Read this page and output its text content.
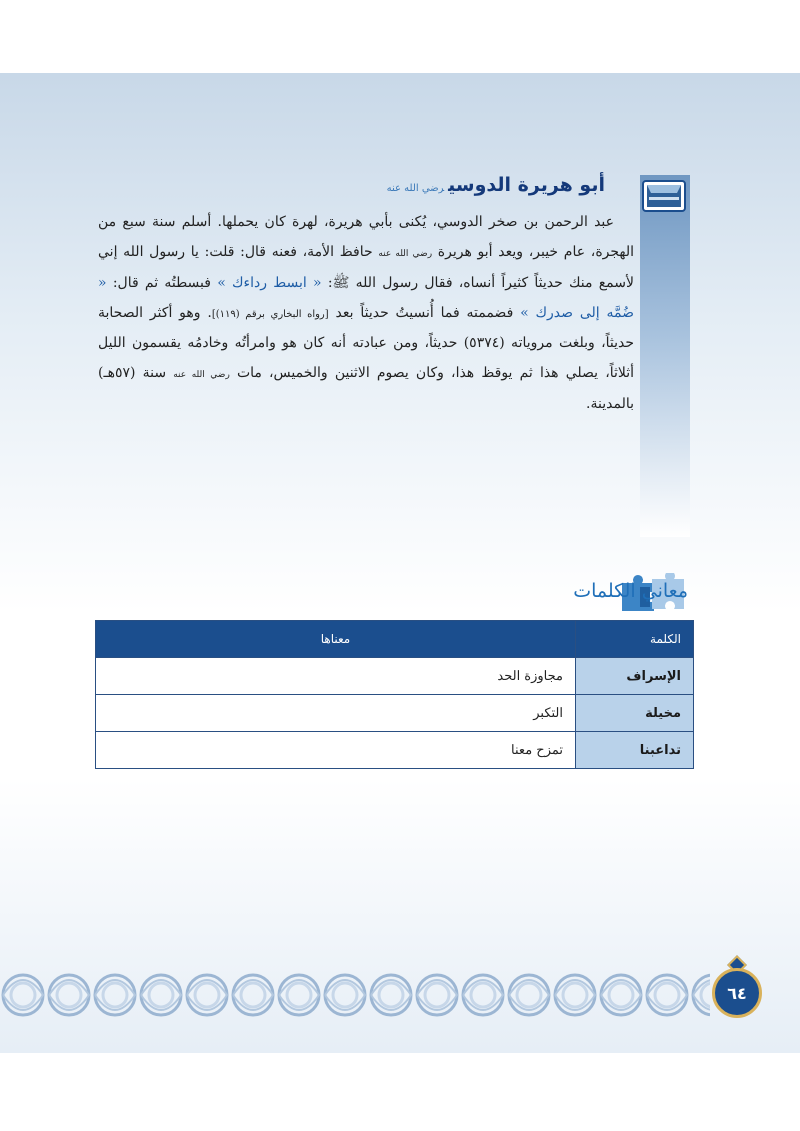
أبو هريرة الدوسيرضي الله عنه

عبد الرحمن بن صخر الدوسي، يُكنى بأبي هريرة، لهرة كان يحملها. أسلم سنة سبع من الهجرة، عام خيبر، ويعد أبو هريرة رضي الله عنه حافظ الأمة، فعنه قال: قلت: يا رسول الله إني لأسمع منك حديثاً كثيراً أنساه، فقال رسول الله ﷺ: « ابسط رداءك » فبسطتُه ثم قال: « ضُمَّه إلى صدرك » فضممته فما أُنسيتُ حديثاً بعد [رواه البخاري برقم (١١٩)]. وهو أكثر الصحابة حديثاً، وبلغت مروياته (٥٣٧٤) حديثاً، ومن عبادته أنه كان هو وامرأتُه وخادمُه يقسمون الليل أثلاثاً، يصلي هذا ثم يوقظ هذا، وكان يصوم الاثنين والخميس، مات رضي الله عنه سنة (٥٧هـ) بالمدينة.

معاني الكلمات
الكلمة	معناها
الإسراف	مجاوزة الحد
مخيلة	التكبر
تداعبنا	تمزح معنا
٦٤
